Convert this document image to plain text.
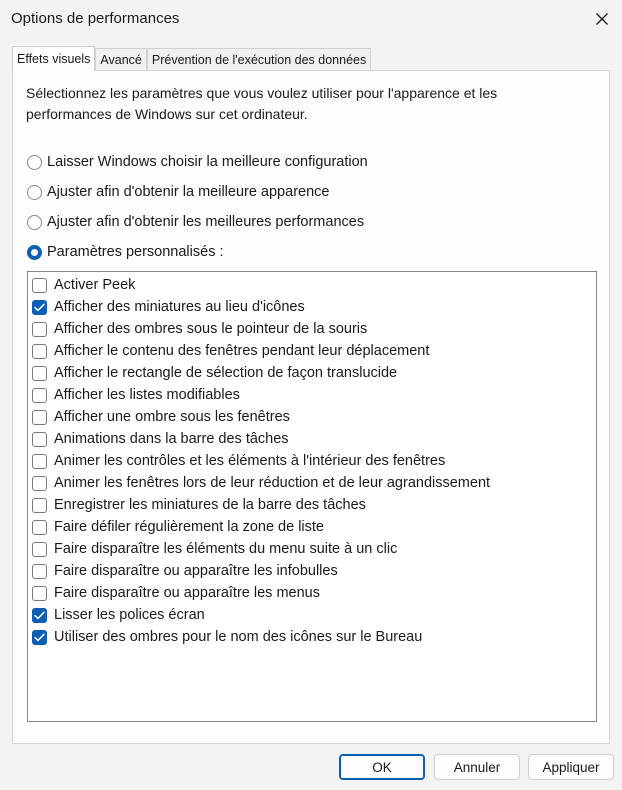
Options de performances
Effets visuels Avancé Prévention de l'exécution des données
Sélectionnez les paramètres que vous voulez utiliser pour l'apparence et les performances de Windows sur cet ordinateur.
Laisser Windows choisir la meilleure configuration
Ajuster afin d'obtenir la meilleure apparence
Ajuster afin d'obtenir les meilleures performances
Paramètres personnalisés :
Activer Peek
Afficher des miniatures au lieu d'icônes
Afficher des ombres sous le pointeur de la souris
Afficher le contenu des fenêtres pendant leur déplacement
Afficher le rectangle de sélection de façon translucide
Afficher les listes modifiables
Afficher une ombre sous les fenêtres
Animations dans la barre des tâches
Animer les contrôles et les éléments à l'intérieur des fenêtres
Animer les fenêtres lors de leur réduction et de leur agrandissement
Enregistrer les miniatures de la barre des tâches
Faire défiler régulièrement la zone de liste
Faire disparaître les éléments du menu suite à un clic
Faire disparaître ou apparaître les infobulles
Faire disparaître ou apparaître les menus
Lisser les polices écran
Utiliser des ombres pour le nom des icônes sur le Bureau
OK	Annuler	Appliquer
